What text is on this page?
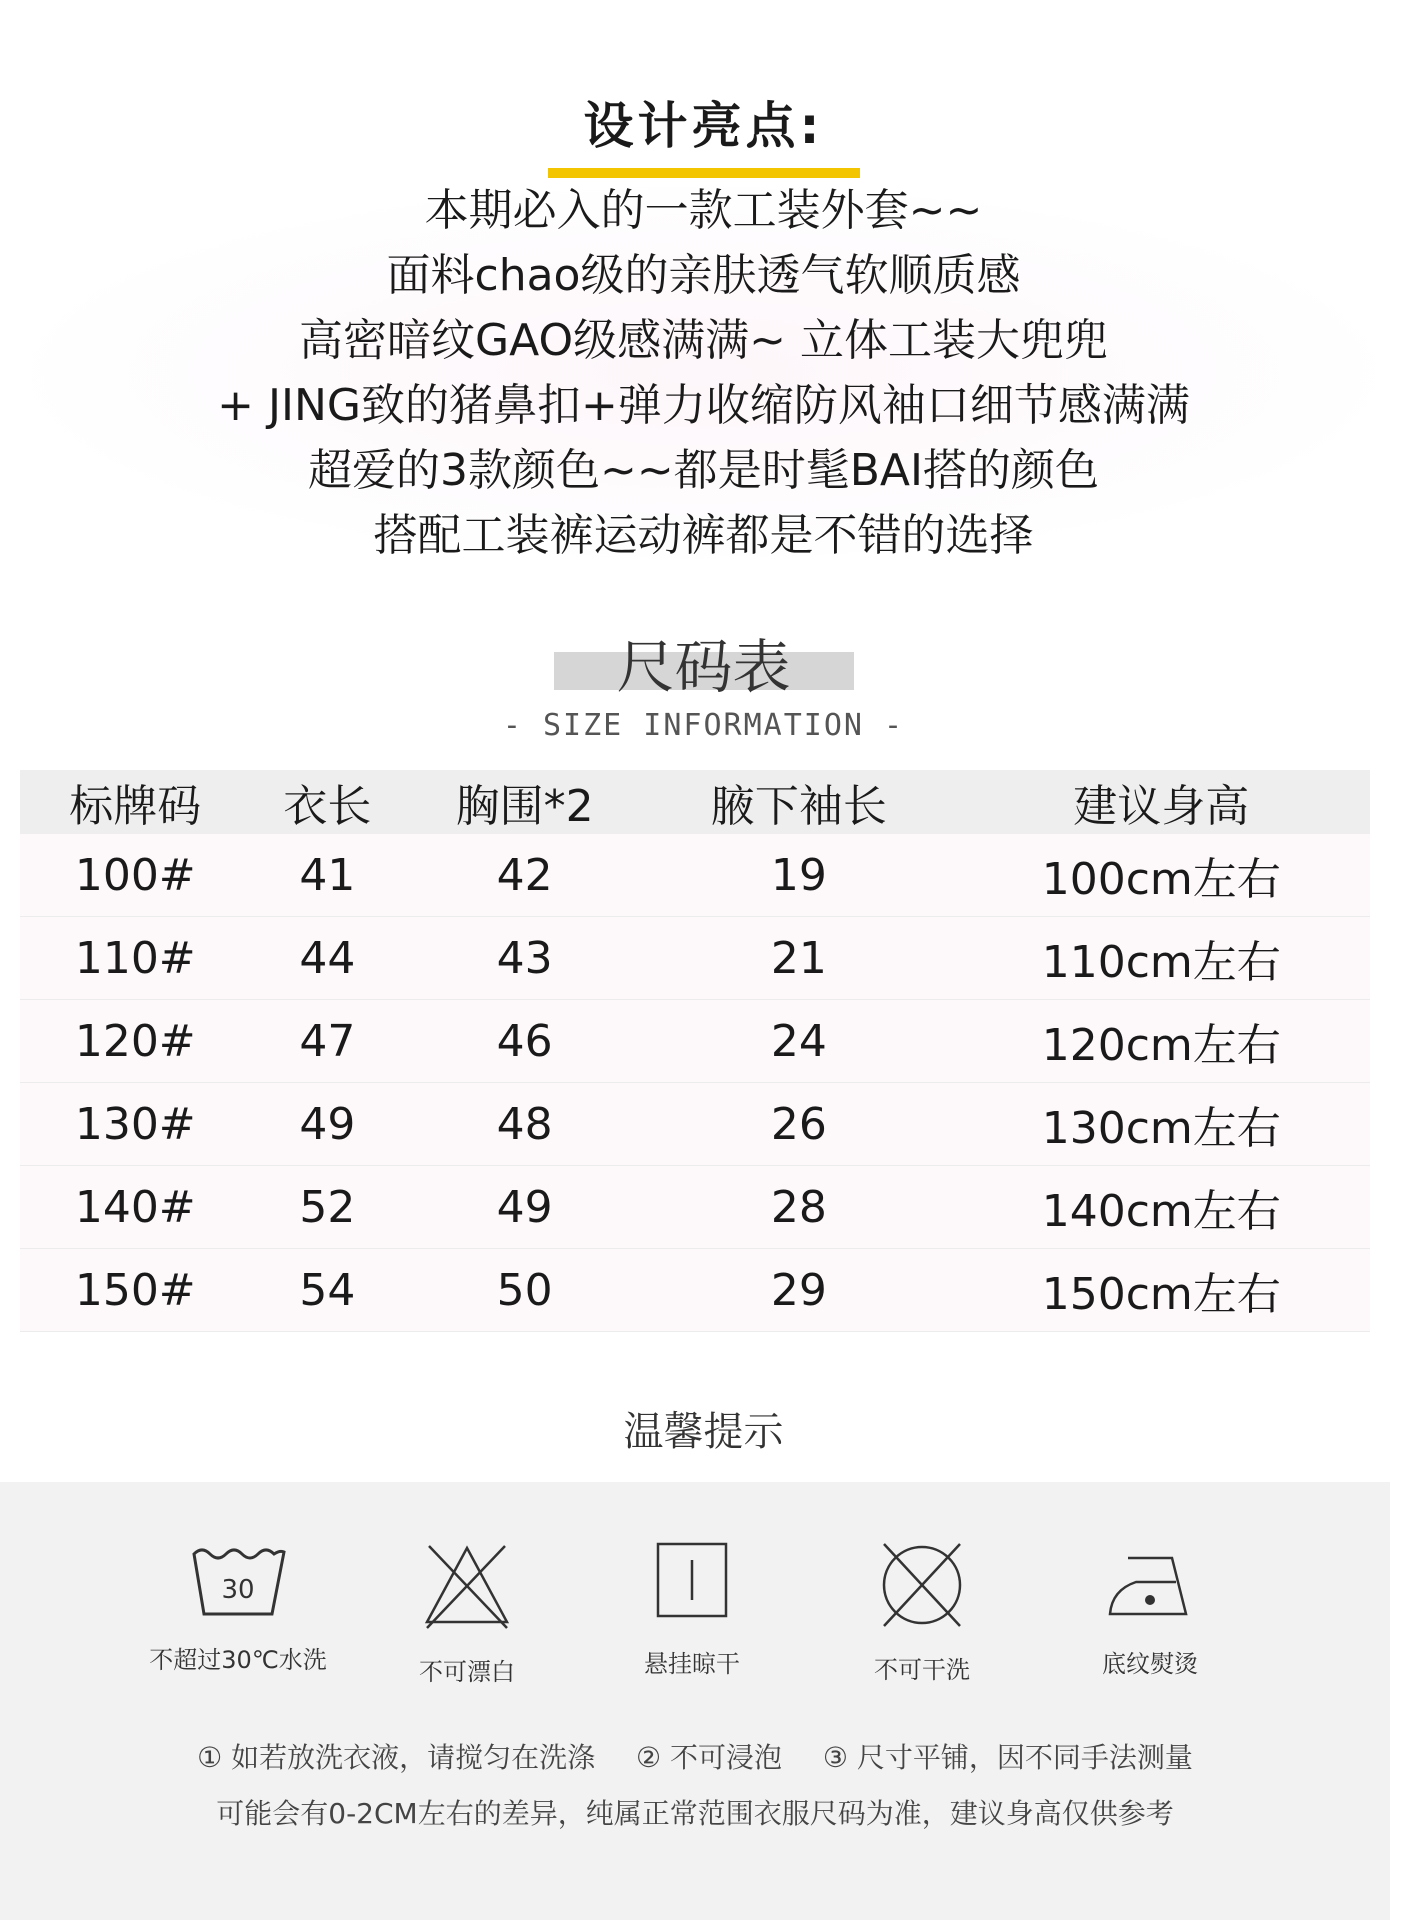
设计亮点:
本期必入的一款工装外套~~
面料chao级的亲肤透气软顺质感
高密暗纹GAO级感满满~ 立体工装大兜兜
+ JING致的猪鼻扣+弹力收缩防风袖口细节感满满
超爱的3款颜色~~都是时髦BAI搭的颜色
搭配工装裤运动裤都是不错的选择
尺码表
- SIZE INFORMATION -
标牌码	衣长	胸围*2	腋下袖长	建议身高
100#	41	42	19	100cm左右
110#	44	43	21	110cm左右
120#	47	46	24	120cm左右
130#	49	48	26	130cm左右
140#	52	49	28	140cm左右
150#	54	50	29	150cm左右
温馨提示
30
不超过30℃水洗	不可漂白	悬挂晾干	不可干洗	底纹熨烫
① 如若放洗衣液，请搅匀在洗涤 ② 不可浸泡 ③ 尺寸平铺，因不同手法测量
可能会有0-2CM左右的差异，纯属正常范围衣服尺码为准，建议身高仅供参考
